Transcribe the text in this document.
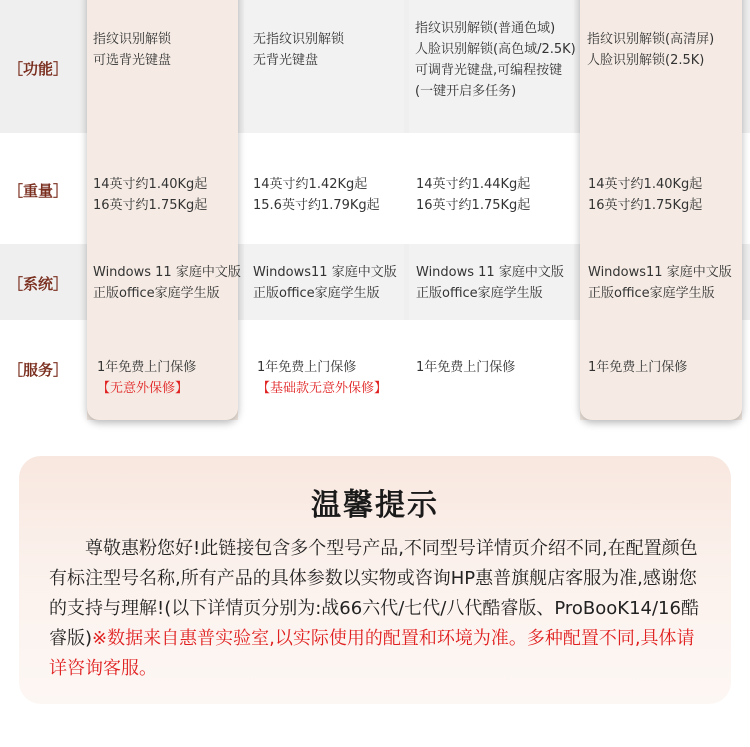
［功能］
［重量］
［系统］
［服务］
指纹识别解锁
可选背光键盘
14英寸约1.40Kg起
16英寸约1.75Kg起
Windows 11 家庭中文版
正版office家庭学生版
1年免费上门保修
【无意外保修】
无指纹识别解锁
无背光键盘
14英寸约1.42Kg起
15.6英寸约1.79Kg起
Windows11 家庭中文版
正版office家庭学生版
1年免费上门保修
【基础款无意外保修】
指纹识别解锁(普通色域)
人脸识别解锁(高色域/2.5K)
可调背光键盘,可编程按键
(一键开启多任务)
14英寸约1.44Kg起
16英寸约1.75Kg起
Windows 11 家庭中文版
正版office家庭学生版
1年免费上门保修
指纹识别解锁(高清屏)
人脸识别解锁(2.5K)
14英寸约1.40Kg起
16英寸约1.75Kg起
Windows11 家庭中文版
正版office家庭学生版
1年免费上门保修
温馨提示
尊敬惠粉您好!此链接包含多个型号产品,不同型号详情页介绍不同,在配置颜色有标注型号名称,所有产品的具体参数以实物或咨询HP惠普旗舰店客服为准,感谢您的支持与理解!(以下详情页分别为:战66六代/七代/八代酷睿版、ProBooK14/16酷睿版)※数据来自惠普实验室,以实际使用的配置和环境为准。多种配置不同,具体请详咨询客服。
